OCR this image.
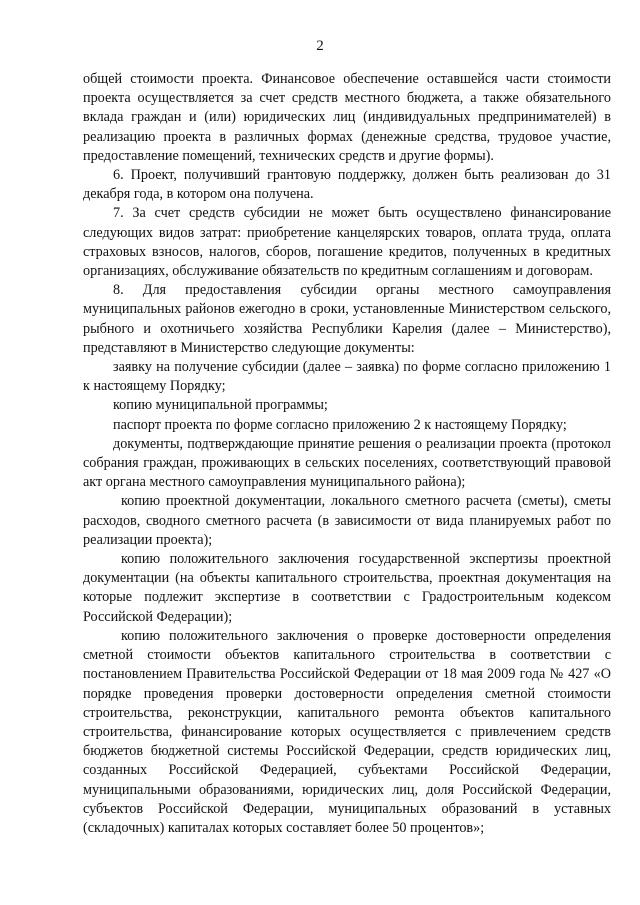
2

общей стоимости проекта. Финансовое обеспечение оставшейся части стоимости проекта осуществляется за счет средств местного бюджета, а также обязательного вклада граждан и (или) юридических лиц (индивидуальных предпринимателей) в реализацию проекта в различных формах (денежные средства, трудовое участие, предоставление помещений, технических средств и другие формы).

6. Проект, получивший грантовую поддержку, должен быть реализован до 31 декабря года, в котором она получена.

7. За счет средств субсидии не может быть осуществлено финансирование следующих видов затрат: приобретение канцелярских товаров, оплата труда, оплата страховых взносов, налогов, сборов, погашение кредитов, полученных в кредитных организациях, обслуживание обязательств по кредитным соглашениям и договорам.

8. Для предоставления субсидии органы местного самоуправления муниципальных районов ежегодно в сроки, установленные Министерством сельского, рыбного и охотничьего хозяйства Республики Карелия (далее – Министерство), представляют в Министерство следующие документы:

заявку на получение субсидии (далее – заявка) по форме согласно приложению 1 к настоящему Порядку;

копию муниципальной программы;

паспорт проекта по форме согласно приложению 2 к настоящему Порядку;

документы, подтверждающие принятие решения о реализации проекта (протокол собрания граждан, проживающих в сельских поселениях, соответствующий правовой акт органа местного самоуправления муниципального района);

копию проектной документации, локального сметного расчета (сметы), сметы расходов, сводного сметного расчета (в зависимости от вида планируемых работ по реализации проекта);

копию положительного заключения государственной экспертизы проектной документации (на объекты капитального строительства, проектная документация на которые подлежит экспертизе в соответствии с Градостроительным кодексом Российской Федерации);

копию положительного заключения о проверке достоверности определения сметной стоимости объектов капитального строительства в соответствии с постановлением Правительства Российской Федерации от 18 мая 2009 года № 427 «О порядке проведения проверки достоверности определения сметной стоимости строительства, реконструкции, капитального ремонта объектов капитального строительства, финансирование которых осуществляется с привлечением средств бюджетов бюджетной системы Российской Федерации, средств юридических лиц, созданных Российской Федерацией, субъектами Российской Федерации, муниципальными образованиями, юридических лиц, доля Российской Федерации, субъектов Российской Федерации, муниципальных образований в уставных (складочных) капиталах которых составляет более 50 процентов»;
